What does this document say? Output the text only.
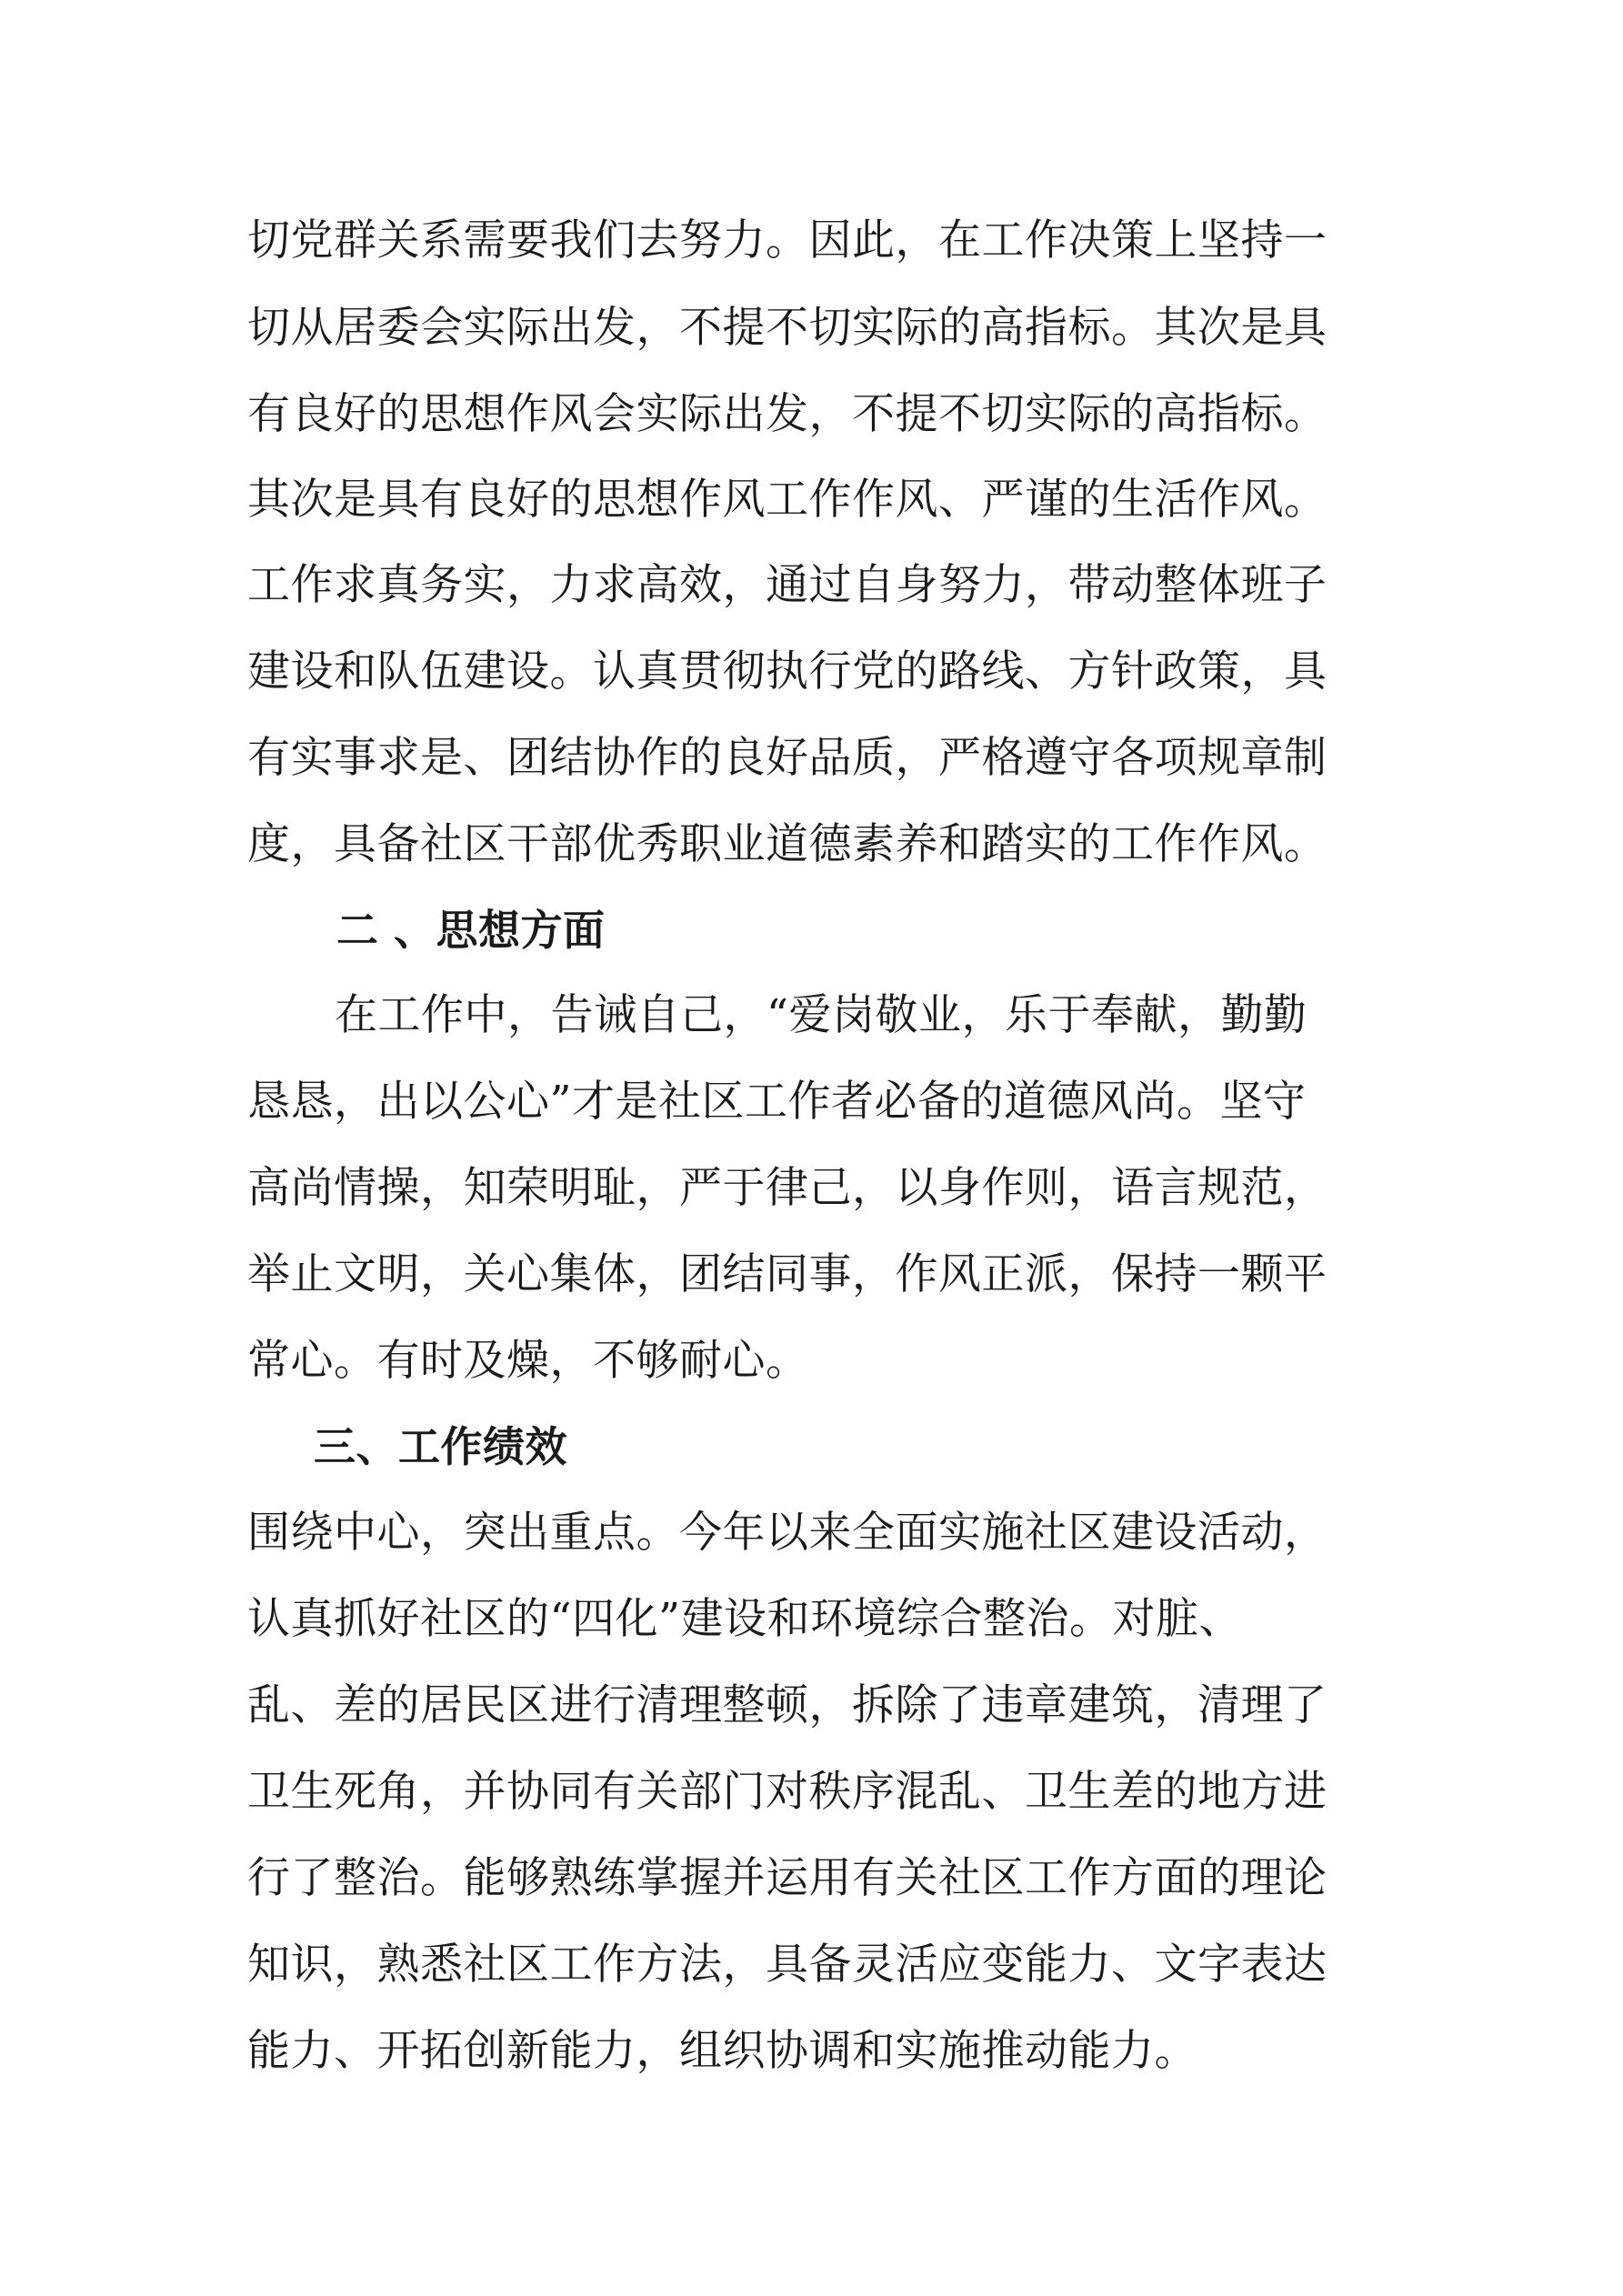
切党群关系需要我们去努力。因此，在工作决策上坚持一
切从居委会实际出发，不提不切实际的高指标。其次是具
有良好的思想作风会实际出发，不提不切实际的高指标。
其次是具有良好的思想作风工作作风、严谨的生活作风。
工作求真务实，力求高效，通过自身努力，带动整体班子
建设和队伍建设。认真贯彻执行党的路线、方针政策，具
有实事求是、团结协作的良好品质，严格遵守各项规章制
度，具备社区干部优秀职业道德素养和踏实的工作作风。
二 、思想方面
在工作中，告诫自己，“爱岗敬业，乐于奉献，勤勤
恳恳，出以公心”才是社区工作者必备的道德风尚。坚守
高尚情操，知荣明耻，严于律己，以身作则，语言规范，
举止文明，关心集体，团结同事，作风正派，保持一颗平
常心。有时及燥，不够耐心。
三、工作绩效
围绕中心，突出重点。今年以来全面实施社区建设活动，
认真抓好社区的“四化”建设和环境综合整治。对脏、
乱、差的居民区进行清理整顿，拆除了违章建筑，清理了
卫生死角，并协同有关部门对秩序混乱、卫生差的地方进
行了整治。能够熟练掌握并运用有关社区工作方面的理论
知识，熟悉社区工作方法，具备灵活应变能力、文字表达
能力、开拓创新能力，组织协调和实施推动能力。
